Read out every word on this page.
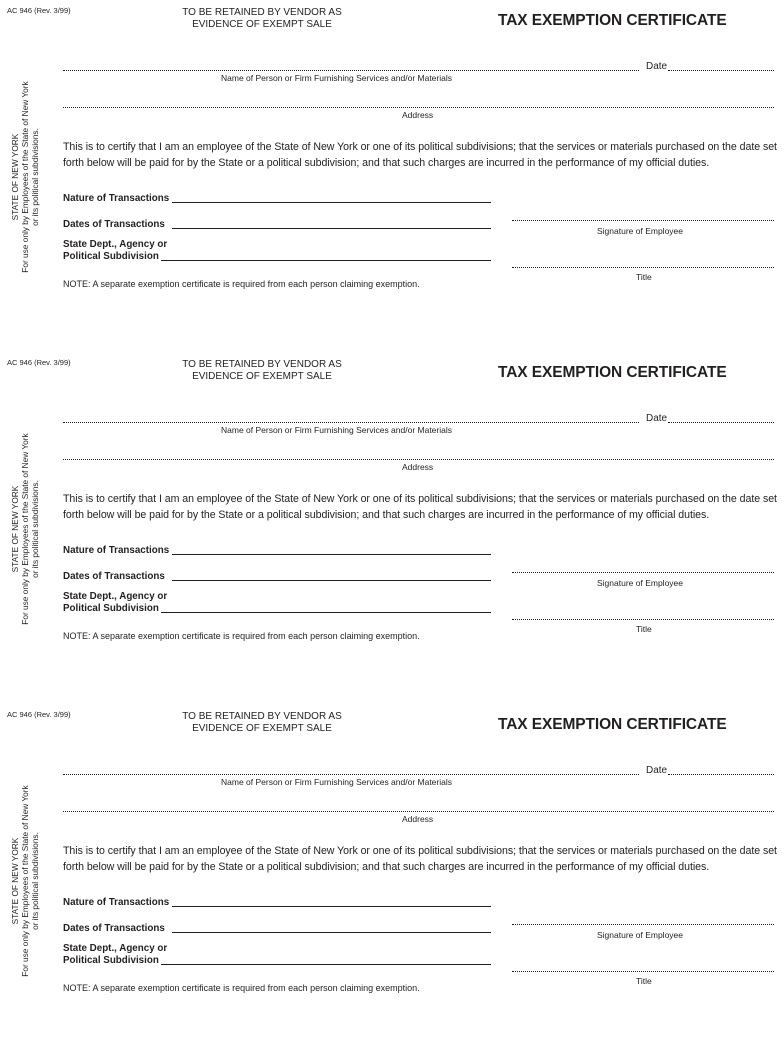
AC 946 (Rev. 3/99)	TO BE RETAINED BY VENDOR AS
EVIDENCE OF EXEMPT SALE	TAX EXEMPTION CERTIFICATE
STATE OF NEW YORK For use only by Employees of the State of New York or its political subdivisions.
Date
Name of Person or Firm Furnishing Services and/or Materials
Address
This is to certify that I am an employee of the State of New York or one of its political subdivisions; that the services or materials purchased on the date set forth below will be paid for by the State or a political subdivision; and that such charges are incurred in the performance of my official duties.
Nature of Transactions
Dates of Transactions
State Dept., Agency or
Political Subdivision
Signature of Employee
Title
NOTE: A separate exemption certificate is required from each person claiming exemption.
AC 946 (Rev. 3/99)	TO BE RETAINED BY VENDOR AS
EVIDENCE OF EXEMPT SALE	TAX EXEMPTION CERTIFICATE
STATE OF NEW YORK For use only by Employees of the State of New York or its political subdivisions.
Date
Name of Person or Firm Furnishing Services and/or Materials
Address
This is to certify that I am an employee of the State of New York or one of its political subdivisions; that the services or materials purchased on the date set forth below will be paid for by the State or a political subdivision; and that such charges are incurred in the performance of my official duties.
Nature of Transactions
Dates of Transactions
State Dept., Agency or
Political Subdivision
Signature of Employee
Title
NOTE: A separate exemption certificate is required from each person claiming exemption.
AC 946 (Rev. 3/99)	TO BE RETAINED BY VENDOR AS
EVIDENCE OF EXEMPT SALE	TAX EXEMPTION CERTIFICATE
STATE OF NEW YORK For use only by Employees of the State of New York or its political subdivisions.
Date
Name of Person or Firm Furnishing Services and/or Materials
Address
This is to certify that I am an employee of the State of New York or one of its political subdivisions; that the services or materials purchased on the date set forth below will be paid for by the State or a political subdivision; and that such charges are incurred in the performance of my official duties.
Nature of Transactions
Dates of Transactions
State Dept., Agency or
Political Subdivision
Signature of Employee
Title
NOTE: A separate exemption certificate is required from each person claiming exemption.
